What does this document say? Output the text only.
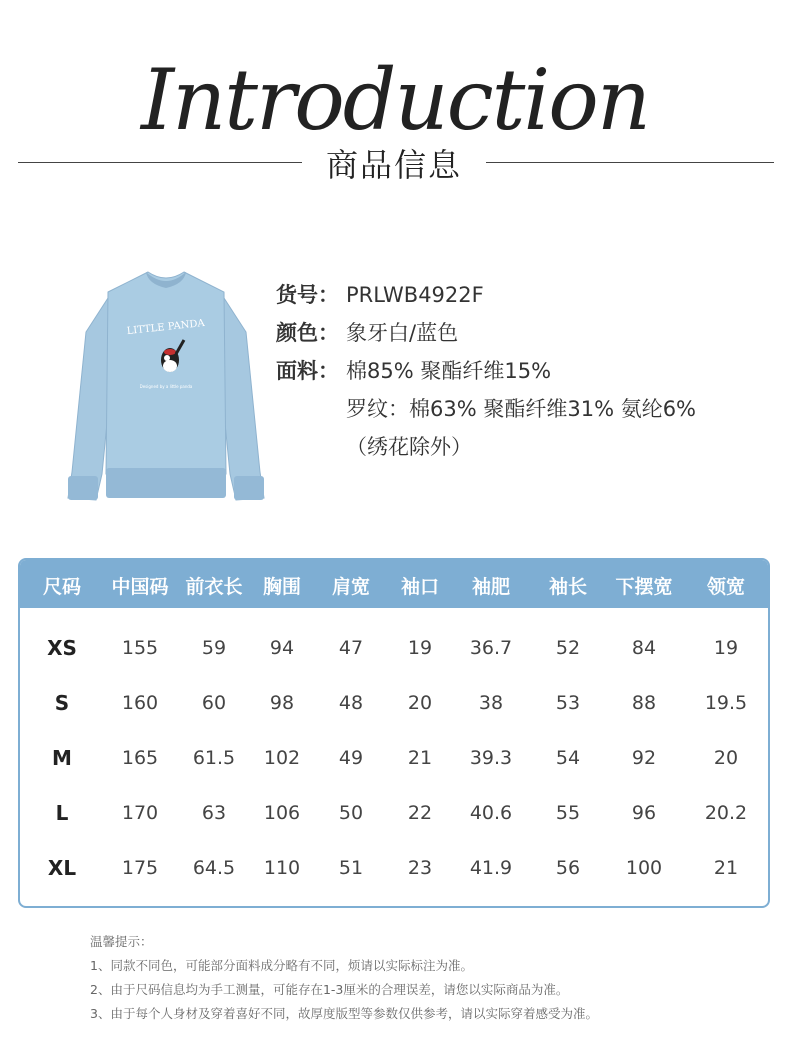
Introduction
商品信息
LITTLE PANDA
Designed by a little panda
货号： PRLWB4922F
颜色： 象牙白/蓝色
面料： 棉85% 聚酯纤维15%
罗纹：棉63% 聚酯纤维31% 氨纶6%
（绣花除外）
尺码 中国码 前衣长 胸围 肩宽 袖口 袖肥 袖长 下摆宽 领宽
XS 155 59 94 47 19 36.7 52	84	19
S	160 60 98 48 20 38	53	88	19.5
M	165 61.5 102 49 21 39.3 54	92	20
L	170 63 106 50 22 40.6 55	96	20.2
XL 175 64.5 110 51 23 41.9 56 100	21
温馨提示：
1、同款不同色，可能部分面料成分略有不同，烦请以实际标注为准。
2、由于尺码信息均为手工测量，可能存在1-3厘米的合理误差，请您以实际商品为准。
3、由于每个人身材及穿着喜好不同，故厚度版型等参数仅供参考，请以实际穿着感受为准。
